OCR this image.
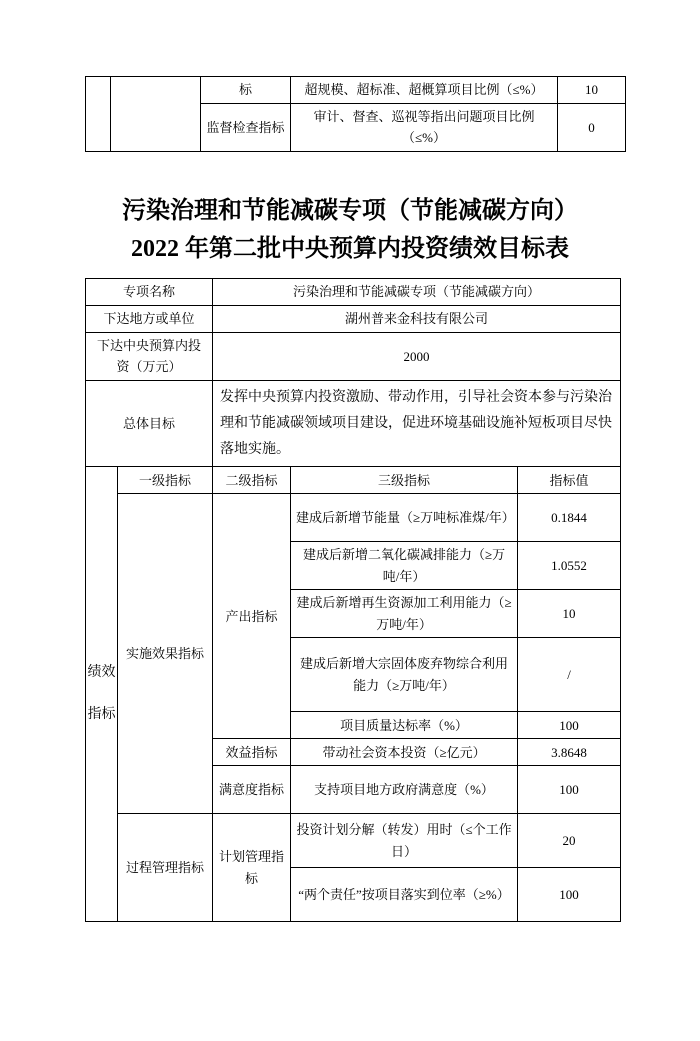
		标	超规模、超标准、超概算项目比例（≤%）	10
		监督检查指标	审计、督查、巡视等指出问题项目比例（≤%）	0
污染治理和节能减碳专项（节能减碳方向）
2022 年第二批中央预算内投资绩效目标表
专项名称		污染治理和节能减碳专项（节能减碳方向）		
下达地方或单位		湖州普来金科技有限公司		
下达中央预算内投资（万元）		2000		
总体目标		发挥中央预算内投资激励、带动作用，引导社会资本参与污染治理和节能减碳领域项目建设，促进环境基础设施补短板项目尽快落地实施。		
绩效指标	一级指标	二级指标	三级指标	指标值
	实施效果指标	产出指标	建成后新增节能量（≥万吨标准煤/年）	0.1844
			建成后新增二氧化碳减排能力（≥万吨/年）	1.0552
			建成后新增再生资源加工利用能力（≥万吨/年）	10
			建成后新增大宗固体废弃物综合利用能力（≥万吨/年）	/
			项目质量达标率（%）	100
		效益指标	带动社会资本投资（≥亿元）	3.8648
		满意度指标	支持项目地方政府满意度（%）	100
	过程管理指标	计划管理指标	投资计划分解（转发）用时（≤个工作日）	20
			“两个责任”按项目落实到位率（≥%）	100
